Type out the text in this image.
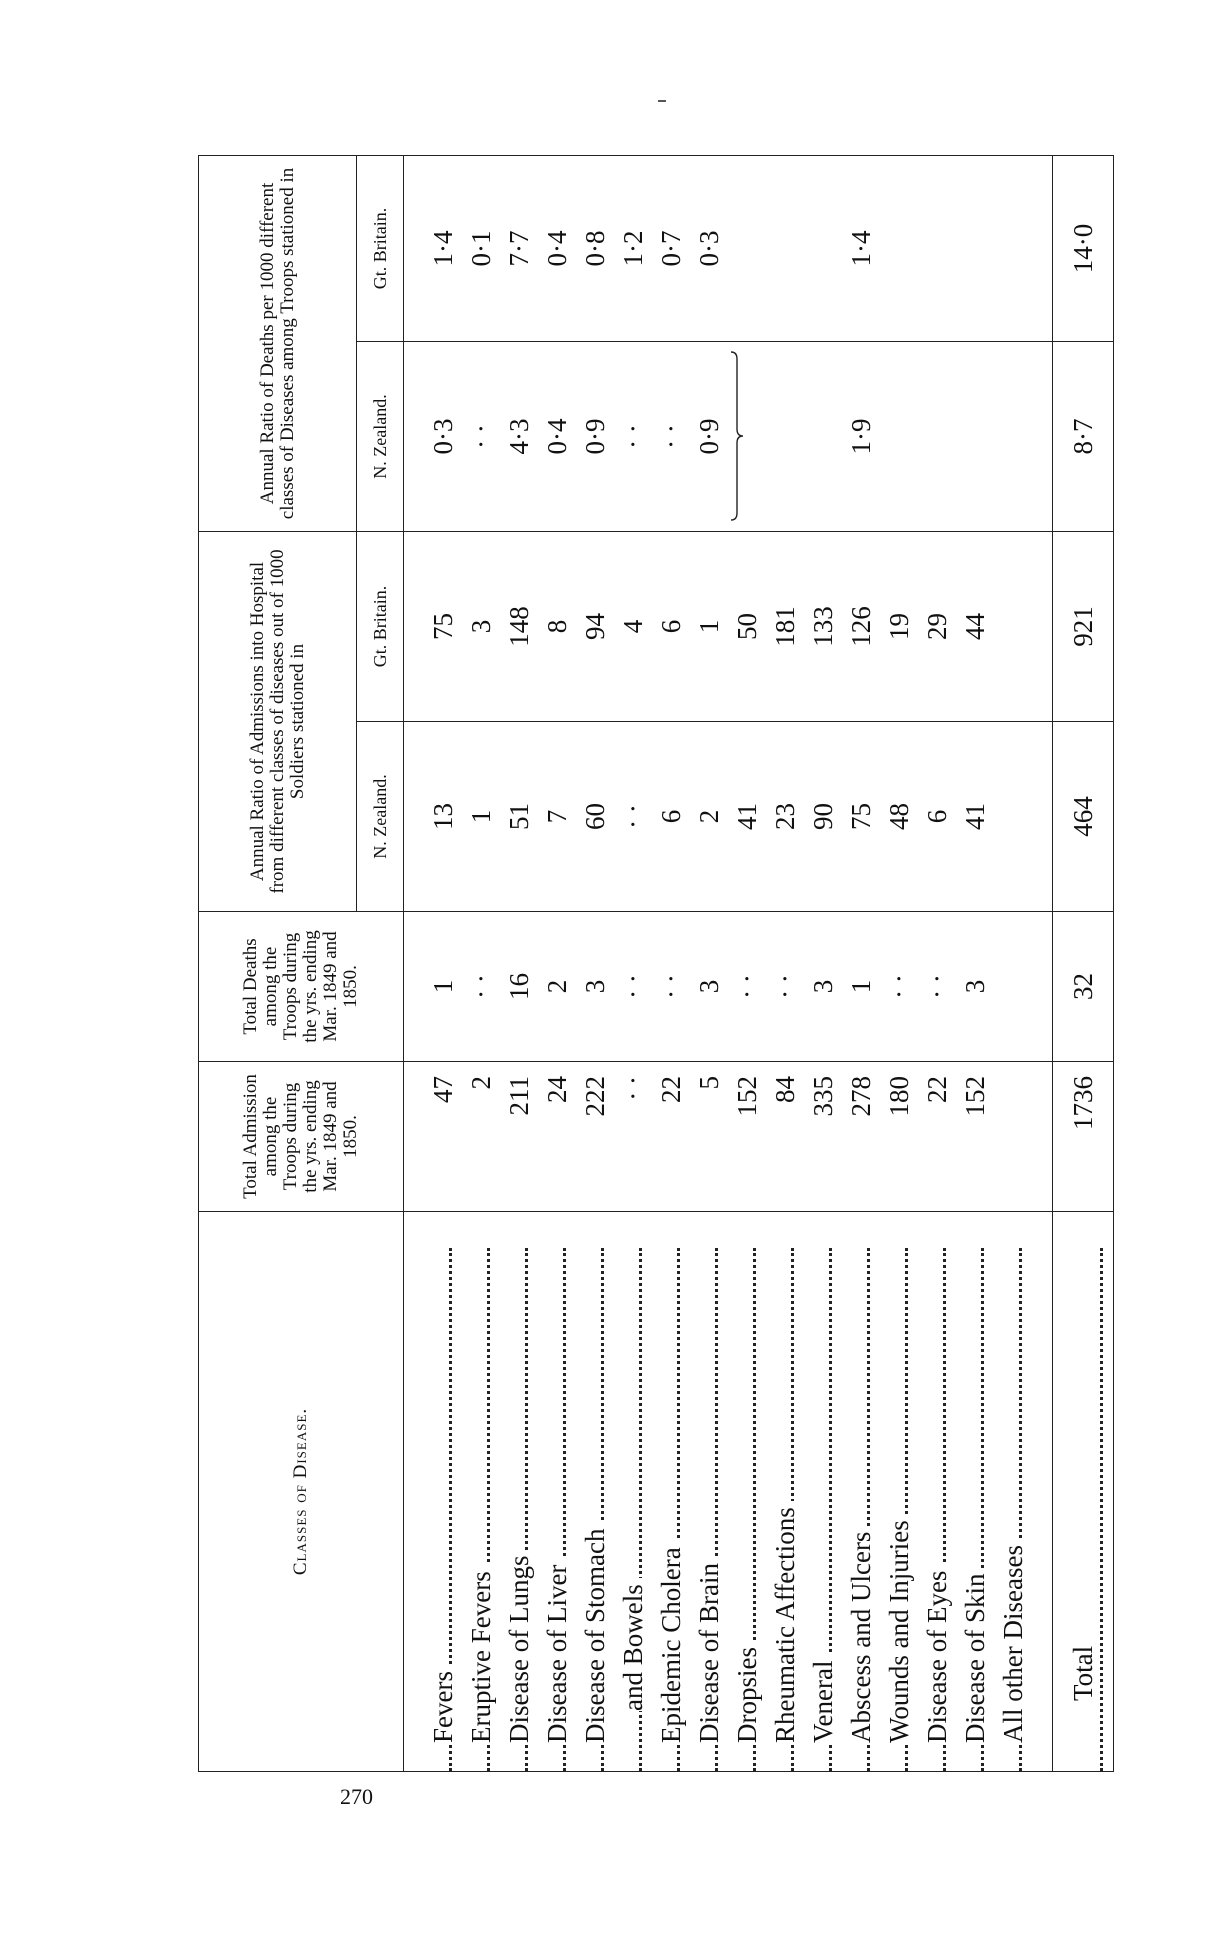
Classes of Disease.	Total Admission among the Troops during the yrs. ending Mar. 1849 and 1850.	Total Deaths among the Troops during the yrs. ending Mar. 1849 and 1850.	Annual Ratio of Admissions into Hospital from different classes of diseases out of 1000 Soldiers stationed in		Annual Ratio of Deaths per 1000 different classes of Diseases among Troops stationed in	
			N. Zealand.	Gt. Britain.	N. Zealand.	Gt. Britain.

Fevers	47	1	13	75	0·3	1·4

Eruptive Fevers	2	· ·	1	3	· ·	0·1

Disease of Lungs	211	16	51	148	4·3	7·7

Disease of Liver	24	2	7	8	0·4	0·4

Disease of Stomach	222	3	60	94	0·9	0·8

and Bowels	· ·	· ·	· ·	4	· ·	1·2

Epidemic Cholera	22	· ·	6	6	· ·	0·7

Disease of Brain	5	3	2	1	0·9	0·3

Dropsies	152	· ·	41	50	

Rheumatic Affections	84	· ·	23	181		

Veneral	335	3	90	133		

Abscess and Ulcers	278	1	75	126	1·9	1·4

Wounds and Injuries	180	· ·	48	19		

Disease of Eyes	22	· ·	6	29		

Disease of Skin	152	3	41	44		

All other Diseases						

Total	1736	32	464	921	8·7	14·0
270
